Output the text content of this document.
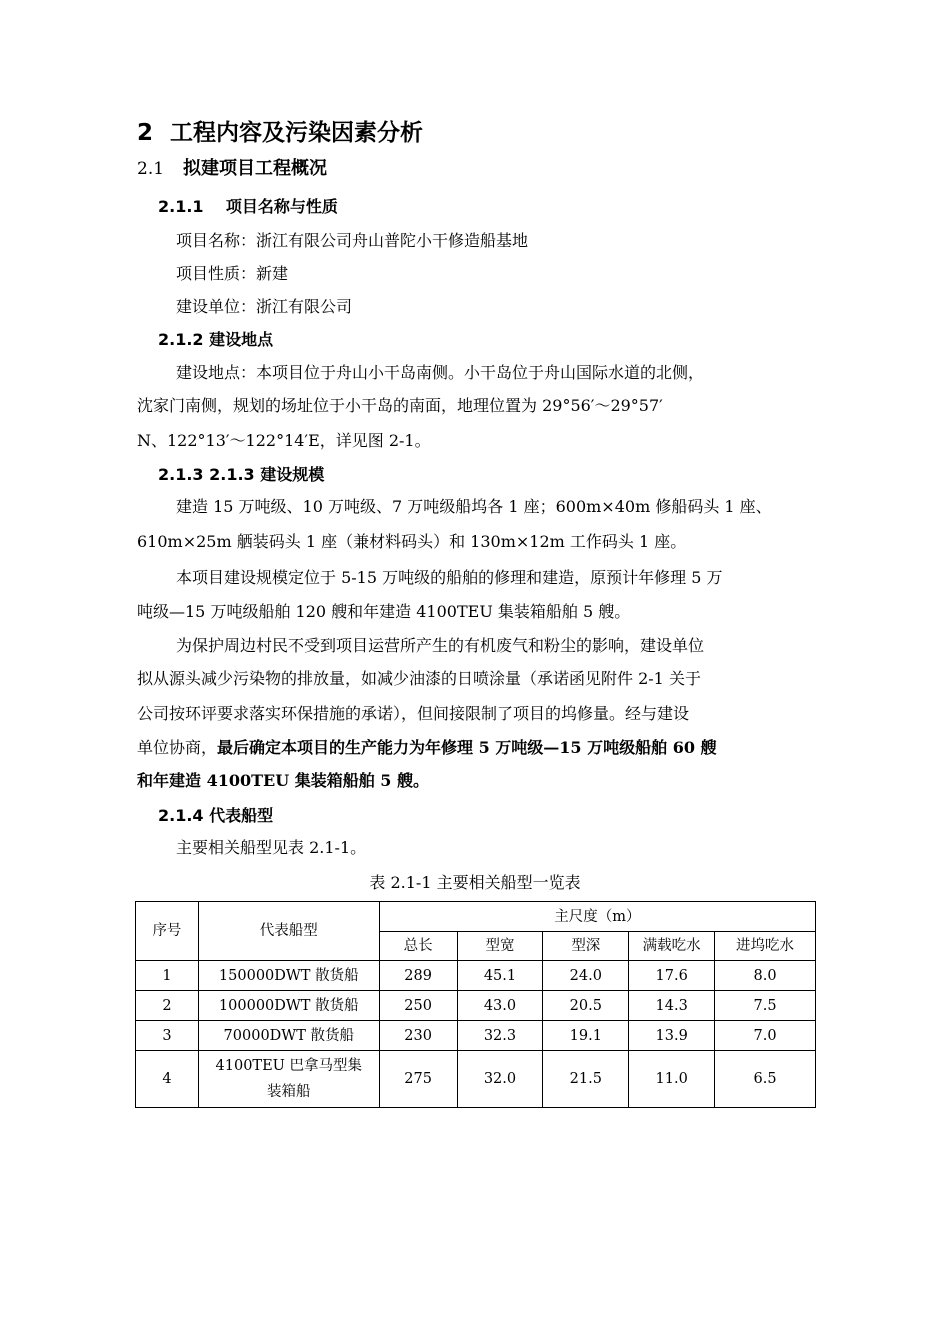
2 工程内容及污染因素分析
2.1 拟建项目工程概况
2.1.1 项目名称与性质
项目名称：浙江有限公司舟山普陀小干修造船基地
项目性质：新建
建设单位：浙江有限公司
2.1.2 建设地点
建设地点：本项目位于舟山小干岛南侧。小干岛位于舟山国际水道的北侧，
沈家门南侧，规划的场址位于小干岛的南面，地理位置为 29°56′～29°57′
N、122°13′～122°14′E，详见图 2-1。
2.1.3 2.1.3 建设规模
建造 15 万吨级、10 万吨级、7 万吨级船坞各 1 座；600m×40m 修船码头 1 座、
610m×25m 舾装码头 1 座（兼材料码头）和 130m×12m 工作码头 1 座。
本项目建设规模定位于 5-15 万吨级的船舶的修理和建造，原预计年修理 5 万
吨级—15 万吨级船舶 120 艘和年建造 4100TEU 集装箱船舶 5 艘。
为保护周边村民不受到项目运营所产生的有机废气和粉尘的影响，建设单位
拟从源头减少污染物的排放量，如减少油漆的日喷涂量（承诺函见附件 2-1 关于
公司按环评要求落实环保措施的承诺），但间接限制了项目的坞修量。经与建设
单位协商，最后确定本项目的生产能力为年修理 5 万吨级—15 万吨级船舶 60 艘
和年建造 4100TEU 集装箱船舶 5 艘。
2.1.4 代表船型
主要相关船型见表 2.1-1。
表 2.1-1 主要相关船型一览表
序号	代表船型	主尺度（m）				
		总长	型宽	型深	满载吃水	进坞吃水
1	150000DWT 散货船	289	45.1	24.0	17.6	8.0
2	100000DWT 散货船	250	43.0	20.5	14.3	7.5
3	70000DWT 散货船	230	32.3	19.1	13.9	7.0
4	4100TEU 巴拿马型集
装箱船	275	32.0	21.5	11.0	6.5
